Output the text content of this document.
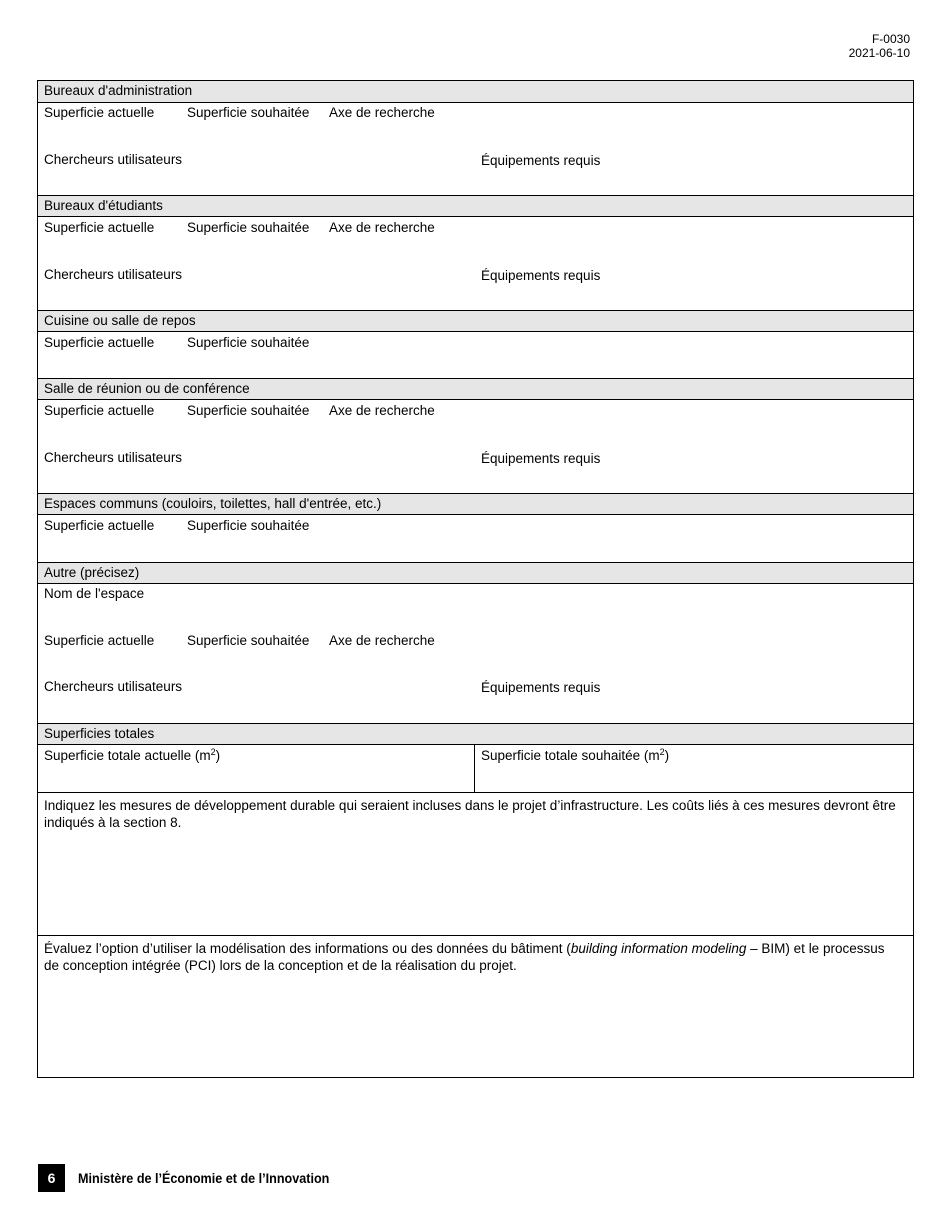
F-0030
2021-06-10
Bureaux d'administration
Superficie actuelle Superficie souhaitée Axe de recherche
Chercheurs utilisateurs	Équipements requis
Bureaux d'étudiants
Superficie actuelle Superficie souhaitée Axe de recherche
Chercheurs utilisateurs	Équipements requis
Cuisine ou salle de repos
Superficie actuelle Superficie souhaitée
Salle de réunion ou de conférence
Superficie actuelle Superficie souhaitée Axe de recherche
Chercheurs utilisateurs	Équipements requis
Espaces communs (couloirs, toilettes, hall d'entrée, etc.)
Superficie actuelle Superficie souhaitée
Autre (précisez)
Nom de l'espace
Superficie actuelle Superficie souhaitée Axe de recherche
Chercheurs utilisateurs	Équipements requis
Superficies totales
Superficie totale actuelle $(m^2)$	Superficie totale souhaitée $(m^2)$
Indiquez les mesures de développement durable qui seraient incluses dans le projet d’infrastructure. Les coûts liés à ces mesures devront être indiqués à la section 8.
Évaluez l’option d’utiliser la modélisation des informations ou des données du bâtiment (building information modeling – BIM) et le processus de conception intégrée (PCI) lors de la conception et de la réalisation du projet.
6	Ministère de l’Économie et de l’Innovation
